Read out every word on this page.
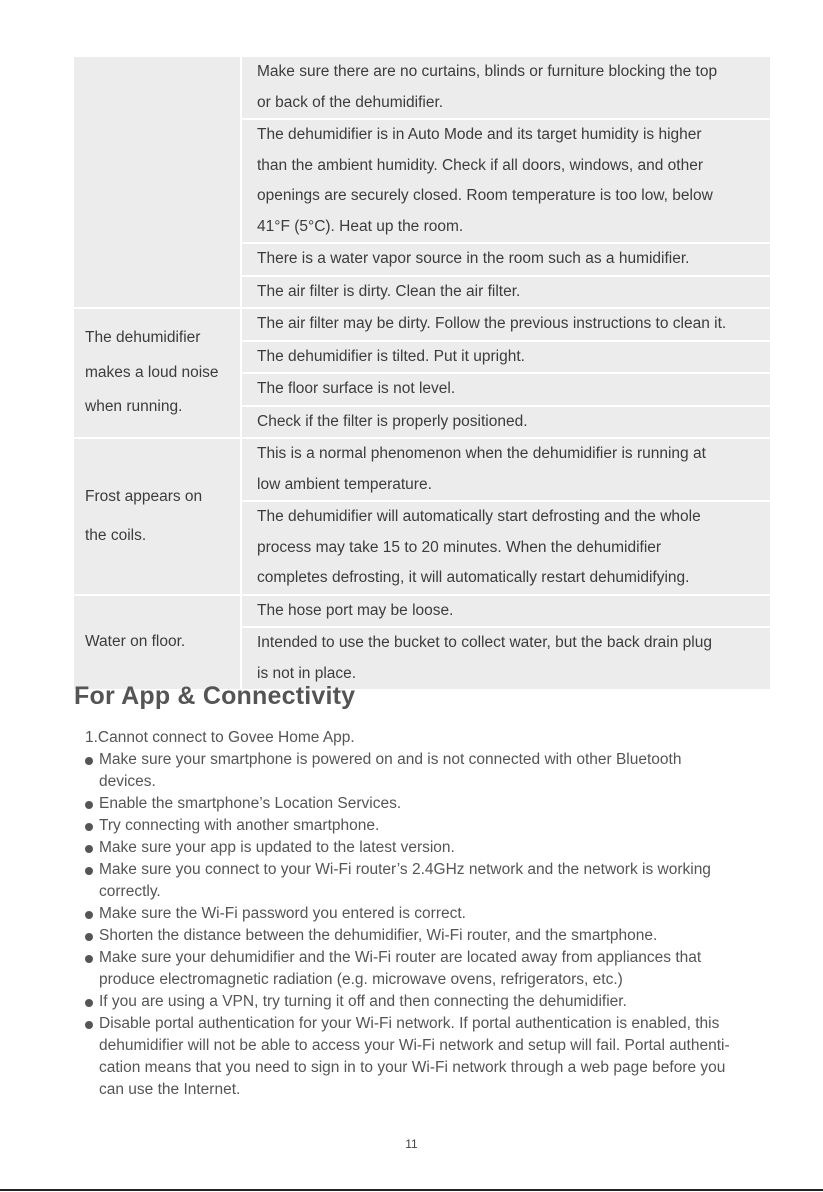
Make sure there are no curtains, blinds or furniture blocking the top
or back of the dehumidifier.
The dehumidifier is in Auto Mode and its target humidity is higher
than the ambient humidity. Check if all doors, windows, and other
openings are securely closed. Room temperature is too low, below
41°F (5°C). Heat up the room.
There is a water vapor source in the room such as a humidifier.
The air filter is dirty. Clean the air filter.
The dehumidifier makes a loud noise when running.
The air filter may be dirty. Follow the previous instructions to clean it.
The dehumidifier is tilted. Put it upright.
The floor surface is not level.
Check if the filter is properly positioned.
Frost appears on the coils.
This is a normal phenomenon when the dehumidifier is running at
low ambient temperature.
The dehumidifier will automatically start defrosting and the whole
process may take 15 to 20 minutes. When the dehumidifier
completes defrosting, it will automatically restart dehumidifying.
Water on floor.
The hose port may be loose.
Intended to use the bucket to collect water, but the back drain plug
is not in place.
For App & Connectivity

1.Cannot connect to Govee Home App.

Make sure your smartphone is powered on and is not connected with other Bluetooth
devices.
Enable the smartphone’s Location Services.
Try connecting with another smartphone.
Make sure your app is updated to the latest version.
Make sure you connect to your Wi-Fi router’s 2.4GHz network and the network is working
correctly.
Make sure the Wi-Fi password you entered is correct.
Shorten the distance between the dehumidifier, Wi-Fi router, and the smartphone.
Make sure your dehumidifier and the Wi-Fi router are located away from appliances that
produce electromagnetic radiation (e.g. microwave ovens, refrigerators, etc.)
If you are using a VPN, try turning it off and then connecting the dehumidifier.
Disable portal authentication for your Wi-Fi network. If portal authentication is enabled, this
dehumidifier will not be able to access your Wi-Fi network and setup will fail. Portal authenti-
cation means that you need to sign in to your Wi-Fi network through a web page before you
can use the Internet.
11
